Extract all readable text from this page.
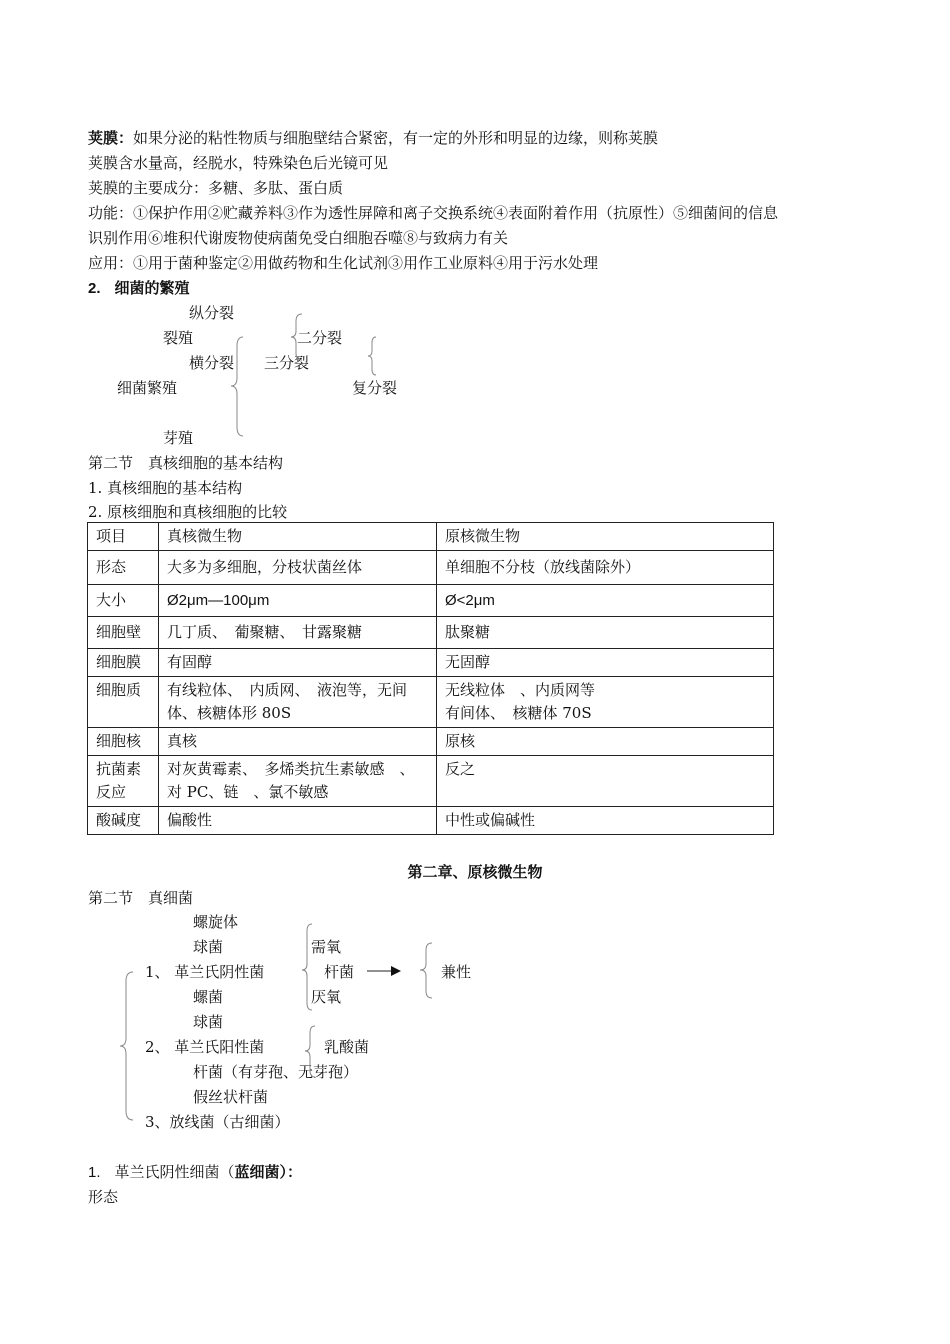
荚膜：如果分泌的粘性物质与细胞壁结合紧密，有一定的外形和明显的边缘，则称荚膜
荚膜含水量高，经脱水，特殊染色后光镜可见
荚膜的主要成分：多糖、多肽、蛋白质
功能：①保护作用②贮藏养料③作为透性屏障和离子交换系统④表面附着作用（抗原性）⑤细菌间的信息
识别作用⑥堆积代谢废物使病菌免受白细胞吞噬⑧与致病力有关
应用：①用于菌种鉴定②用做药物和生化试剂③用作工业原料④用于污水处理
2. 细菌的繁殖
纵分裂
裂殖	二分裂
横分裂 三分裂
细菌繁殖	复分裂
芽殖
第二节　真核细胞的基本结构
1. 真核细胞的基本结构
2. 原核细胞和真核细胞的比较
项目	真核微生物	原核微生物
形态	大多为多细胞，分枝状菌丝体	单细胞不分枝（放线菌除外）
大小	Ø2μm—100μm	Ø<2μm
细胞壁	几丁质、　葡聚糖、　甘露聚糖	肽聚糖
细胞膜	有固醇	无固醇
细胞质	有线粒体、　内质网、　液泡等，无间体、核糖体形 80S	无线粒体　、内质网等
有间体、　核糖体 70S
细胞核	真核	原核
抗菌素反应	对灰黄霉素、　多烯类抗生素敏感　、对 PC、链　、氯不敏感	反之
酸碱度	偏酸性	中性或偏碱性
第二章、原核微生物
第二节　真细菌
螺旋体
球菌	需氧
1、 革兰氏阴性菌	杆菌	兼性
螺菌	厌氧
球菌
2、 革兰氏阳性菌	乳酸菌
杆菌（有芽孢、无芽孢）
假丝状杆菌
3、放线菌（古细菌）
1. 革兰氏阴性细菌（蓝细菌）：
形态
